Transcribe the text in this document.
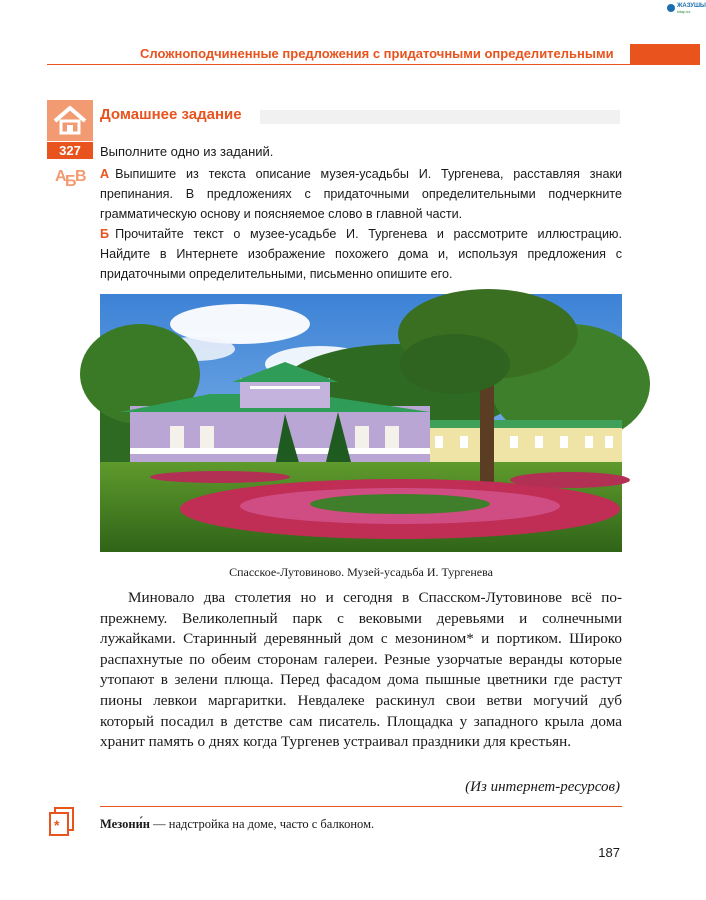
ЖАЗУШЫ
kitap.kz
Сложноподчиненные предложения с придаточными определительными
327
А
Б
В
Домашнее задание
Выполните одно из заданий.
А Выпишите из текста описание музея-усадьбы И. Тургенева, расставляя знаки препинания. В предложениях с придаточными определительными подчеркните грамматическую основу и поясняемое слово в главной части.
Б Прочитайте текст о музее-усадьбе И. Тургенева и рассмотрите иллюстрацию. Найдите в Интернете изображение похожего дома и, используя предложения с придаточными определительными, письменно опишите его.
Спасское-Лутовиново. Музей-усадьба И. Тургенева

Миновало два столетия но и сегодня в Спасском-Лутовинове всё по-прежнему. Великолепный парк с вековыми деревьями и солнечными лужайками. Старинный деревянный дом с мезонином* и портиком. Широко распахнутые по обеим сторонам галереи. Резные узорчатые веранды которые утопают в зелени плюща. Перед фасадом дома пышные цветники где растут пионы левкои маргаритки. Невдалеке раскинул свои ветви могучий дуб который посадил в детстве сам писатель. Площадка у западного крыла дома хранит память о днях когда Тургенев устраивал праздники для крестьян.

(Из интернет-ресурсов)
*	Мезони́н — надстройка на доме, часто с балконом.
187
